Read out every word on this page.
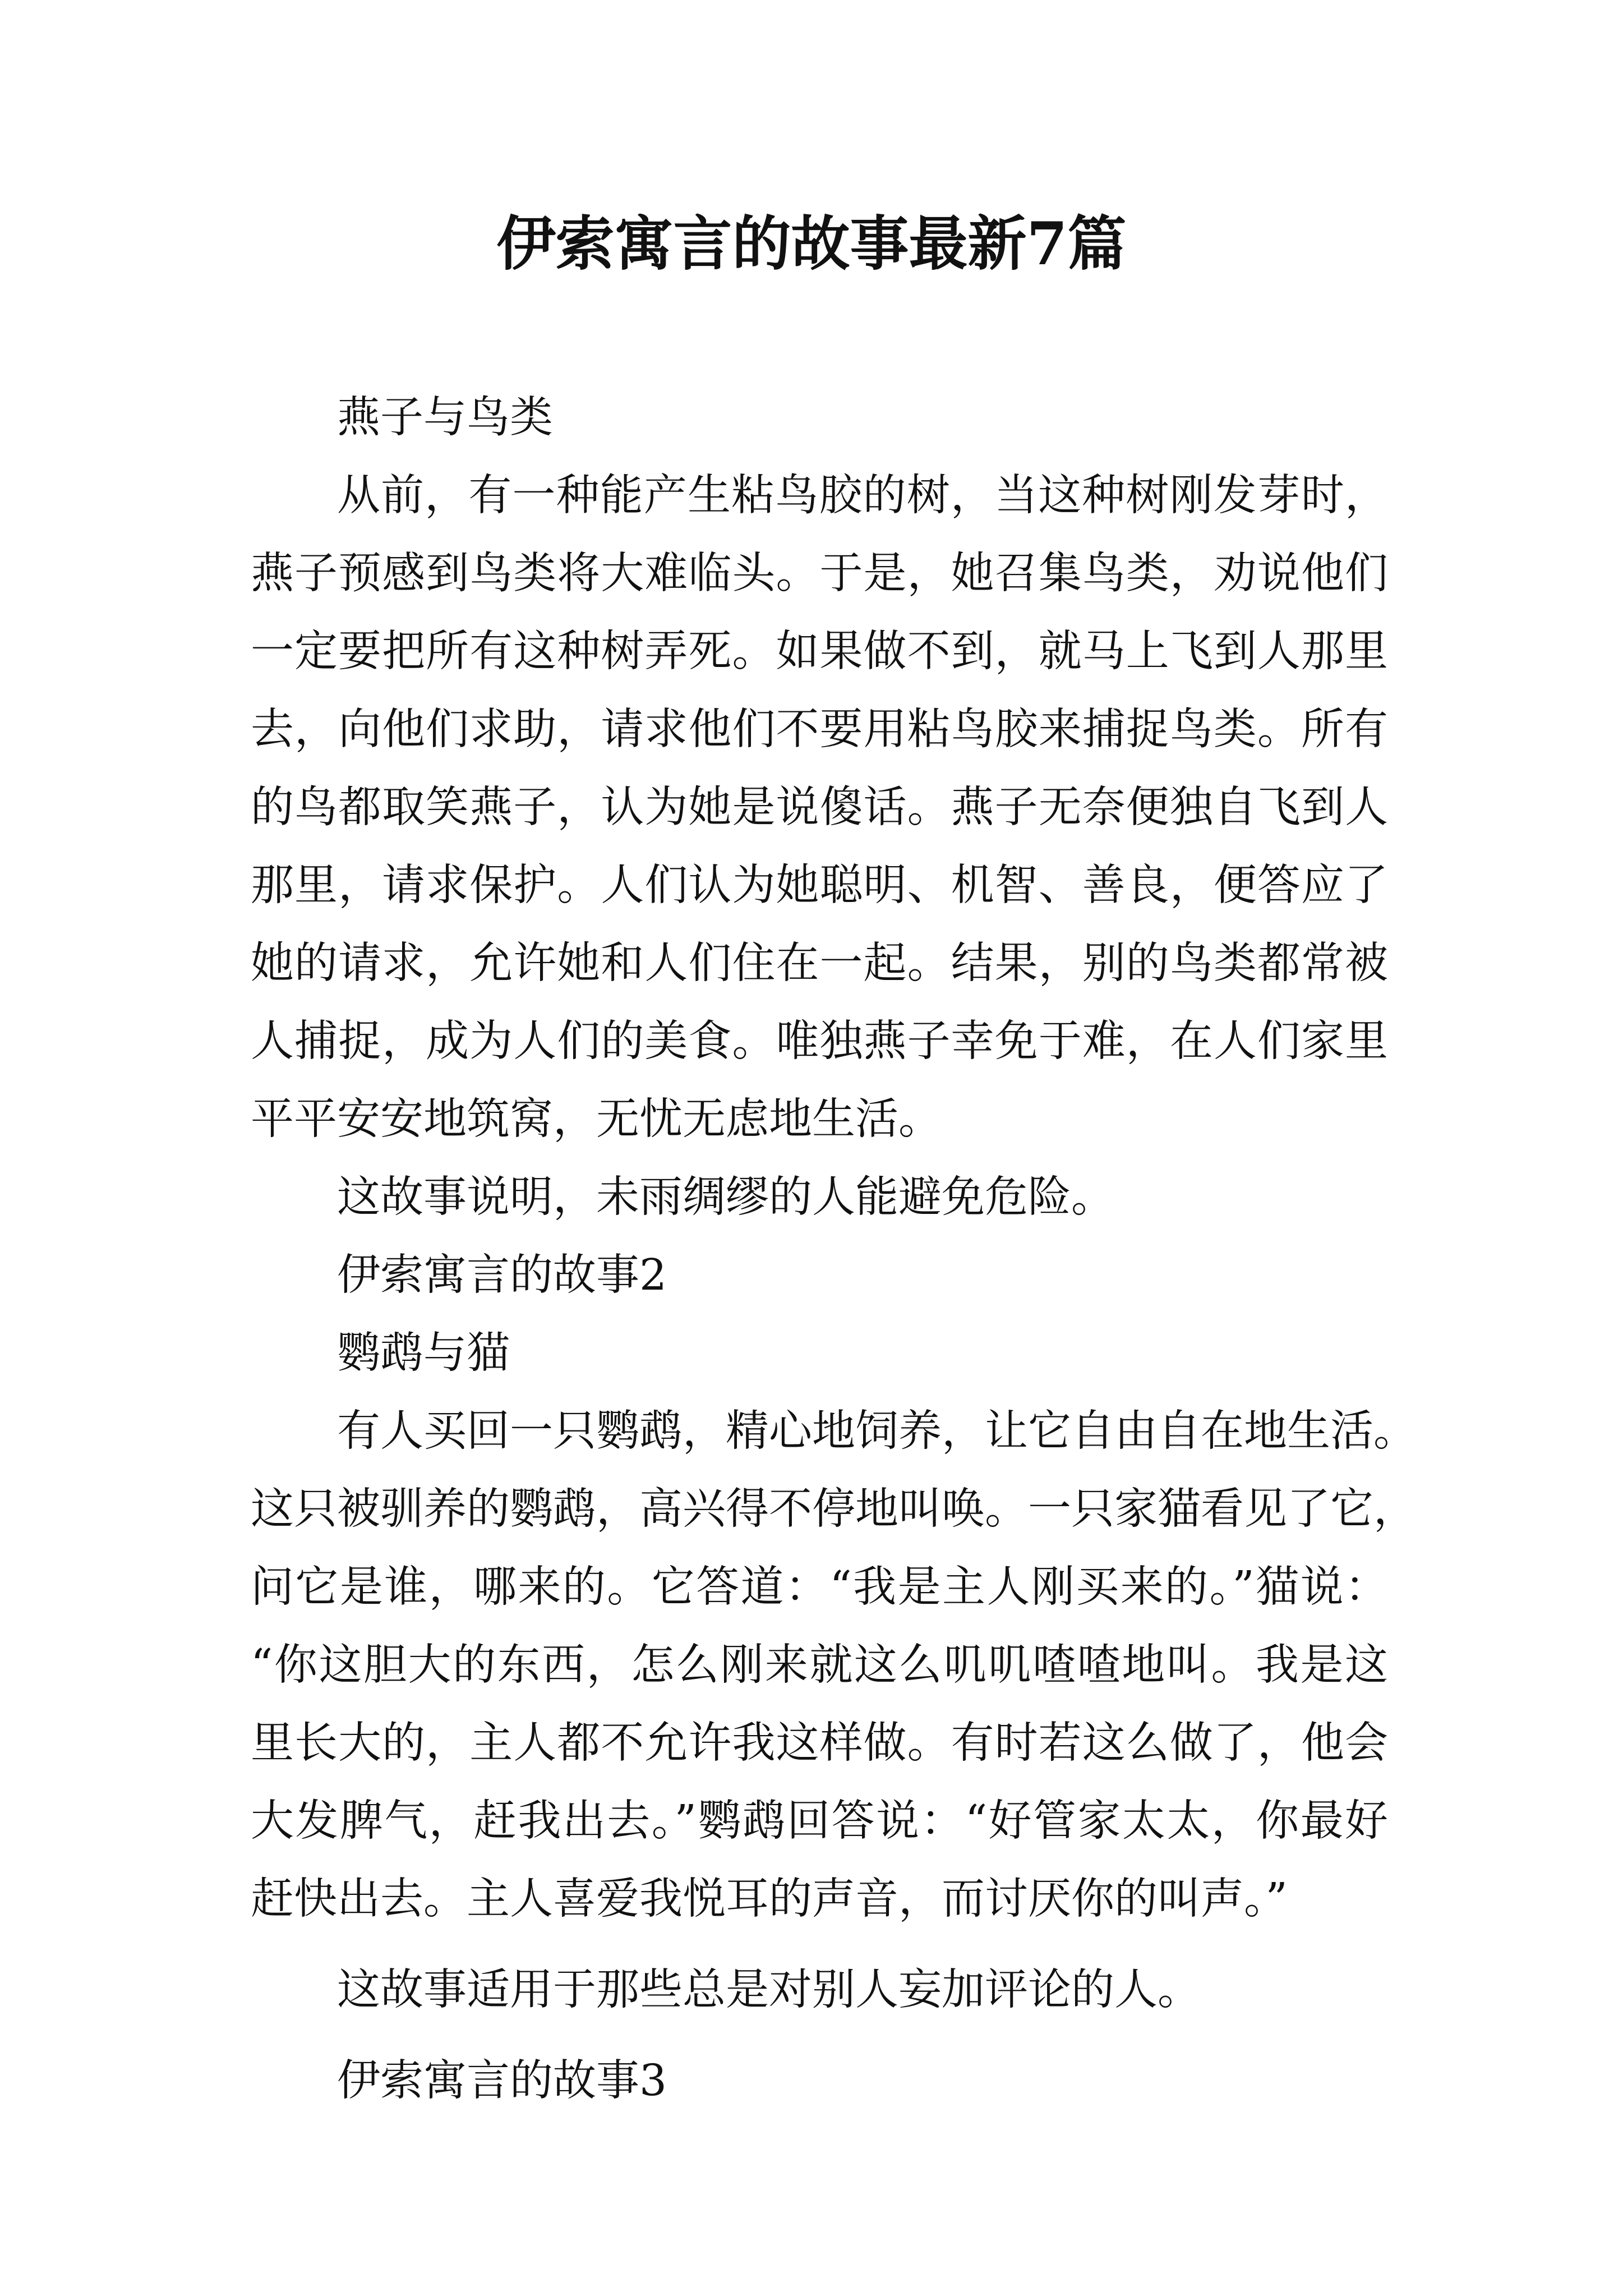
伊索寓言的故事最新7篇
燕子与鸟类
从前，有一种能产生粘鸟胶的树，当这种树刚发芽时，
燕子预感到鸟类将大难临头。于是，她召集鸟类，劝说他们
一定要把所有这种树弄死。如果做不到，就马上飞到人那里
去，向他们求助，请求他们不要用粘鸟胶来捕捉鸟类。所有
的鸟都取笑燕子，认为她是说傻话。燕子无奈便独自飞到人
那里，请求保护。人们认为她聪明、机智、善良，便答应了
她的请求，允许她和人们住在一起。结果，别的鸟类都常被
人捕捉，成为人们的美食。唯独燕子幸免于难，在人们家里
平平安安地筑窝，无忧无虑地生活。
这故事说明，未雨绸缪的人能避免危险。
伊索寓言的故事2
鹦鹉与猫
有人买回一只鹦鹉，精心地饲养，让它自由自在地生活。
这只被驯养的鹦鹉，高兴得不停地叫唤。一只家猫看见了它，
问它是谁，哪来的。它答道：“我是主人刚买来的。”猫说：
“你这胆大的东西，怎么刚来就这么叽叽喳喳地叫。我是这
里长大的，主人都不允许我这样做。有时若这么做了，他会
大发脾气，赶我出去。”鹦鹉回答说：“好管家太太，你最好
赶快出去。主人喜爱我悦耳的声音，而讨厌你的叫声。”
这故事适用于那些总是对别人妄加评论的人。
伊索寓言的故事3
